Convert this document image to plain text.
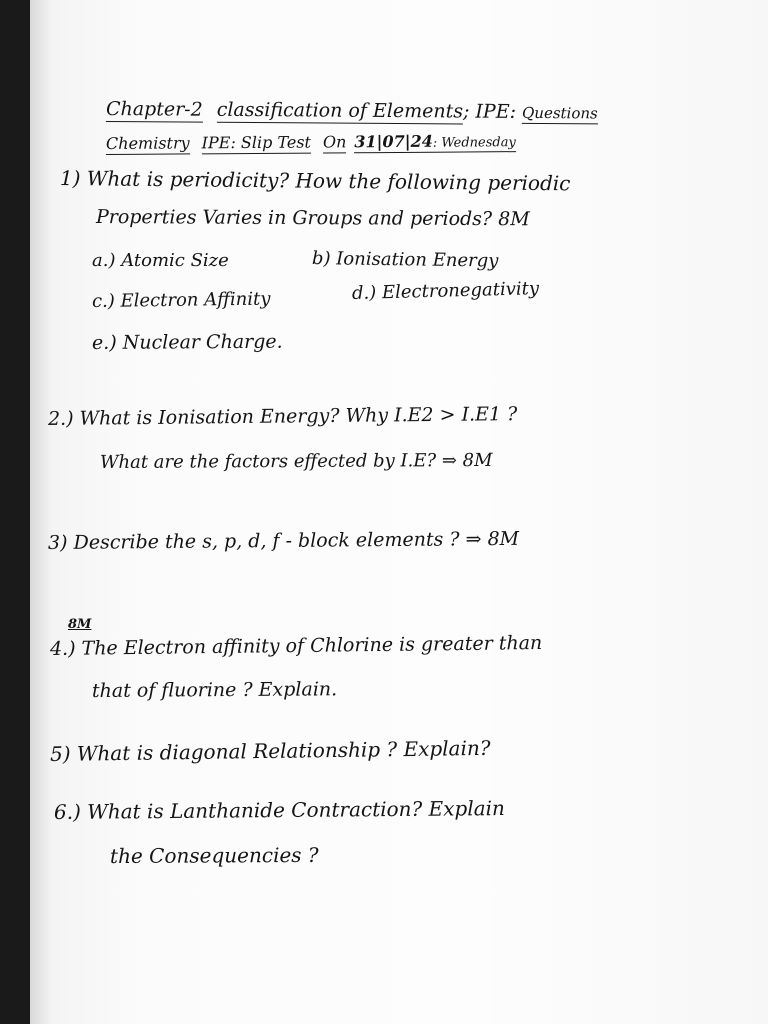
Chapter-2 classification of Elements; IPE: Questions
Chemistry IPE: Slip Test On 31|07|24: Wednesday
1) What is periodicity? How the following periodic
Properties Varies in Groups and periods? 8M
a.) Atomic Size	b) Ionisation Energy
c.) Electron Affinity	d.) Electronegativity
e.) Nuclear Charge.
2.) What is Ionisation Energy? Why I.E2 > I.E1 ?
What are the factors effected by I.E? ⇒ 8M
3) Describe the s, p, d, f - block elements ? ⇒ 8M
8M
4.) The Electron affinity of Chlorine is greater than
that of fluorine ? Explain.
5) What is diagonal Relationship ? Explain?
6.) What is Lanthanide Contraction? Explain
the Consequencies ?
